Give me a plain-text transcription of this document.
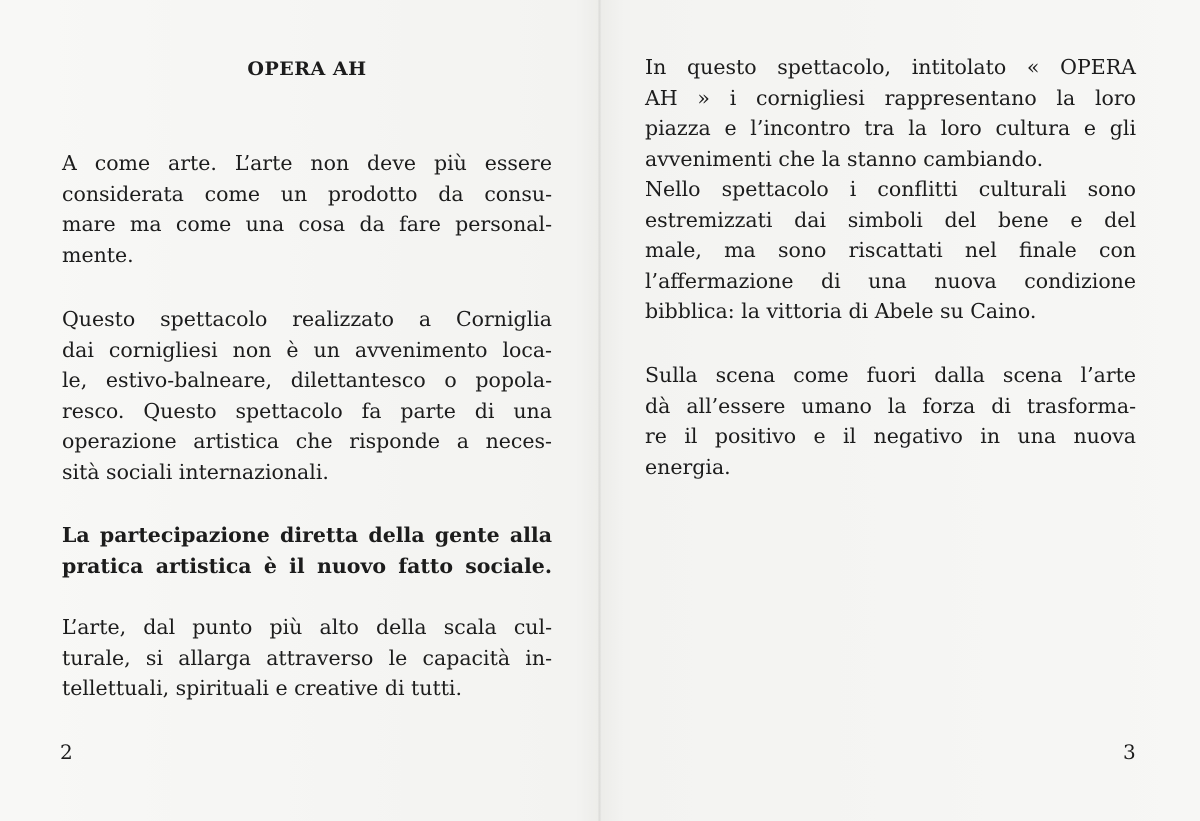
OPERA AH

A come arte. L’arte non deve più essere
considerata come un prodotto da consu-
mare ma come una cosa da fare personal-
mente.

Questo spettacolo realizzato a Corniglia
dai cornigliesi non è un avvenimento loca-
le, estivo-balneare, dilettantesco o popola-
resco. Questo spettacolo fa parte di una
operazione artistica che risponde a neces-
sità sociali internazionali.

La partecipazione diretta della gente alla
pratica artistica è il nuovo fatto sociale.

L’arte, dal punto più alto della scala cul-
turale, si allarga attraverso le capacità in-
tellettuali, spirituali e creative di tutti.

2

In questo spettacolo, intitolato « OPERA
AH » i cornigliesi rappresentano la loro
piazza e l’incontro tra la loro cultura e gli
avvenimenti che la stanno cambiando.
Nello spettacolo i conflitti culturali sono
estremizzati dai simboli del bene e del
male, ma sono riscattati nel finale con
l’affermazione di una nuova condizione
bibblica: la vittoria di Abele su Caino.

Sulla scena come fuori dalla scena l’arte
dà all’essere umano la forza di trasforma-
re il positivo e il negativo in una nuova
energia.

3
